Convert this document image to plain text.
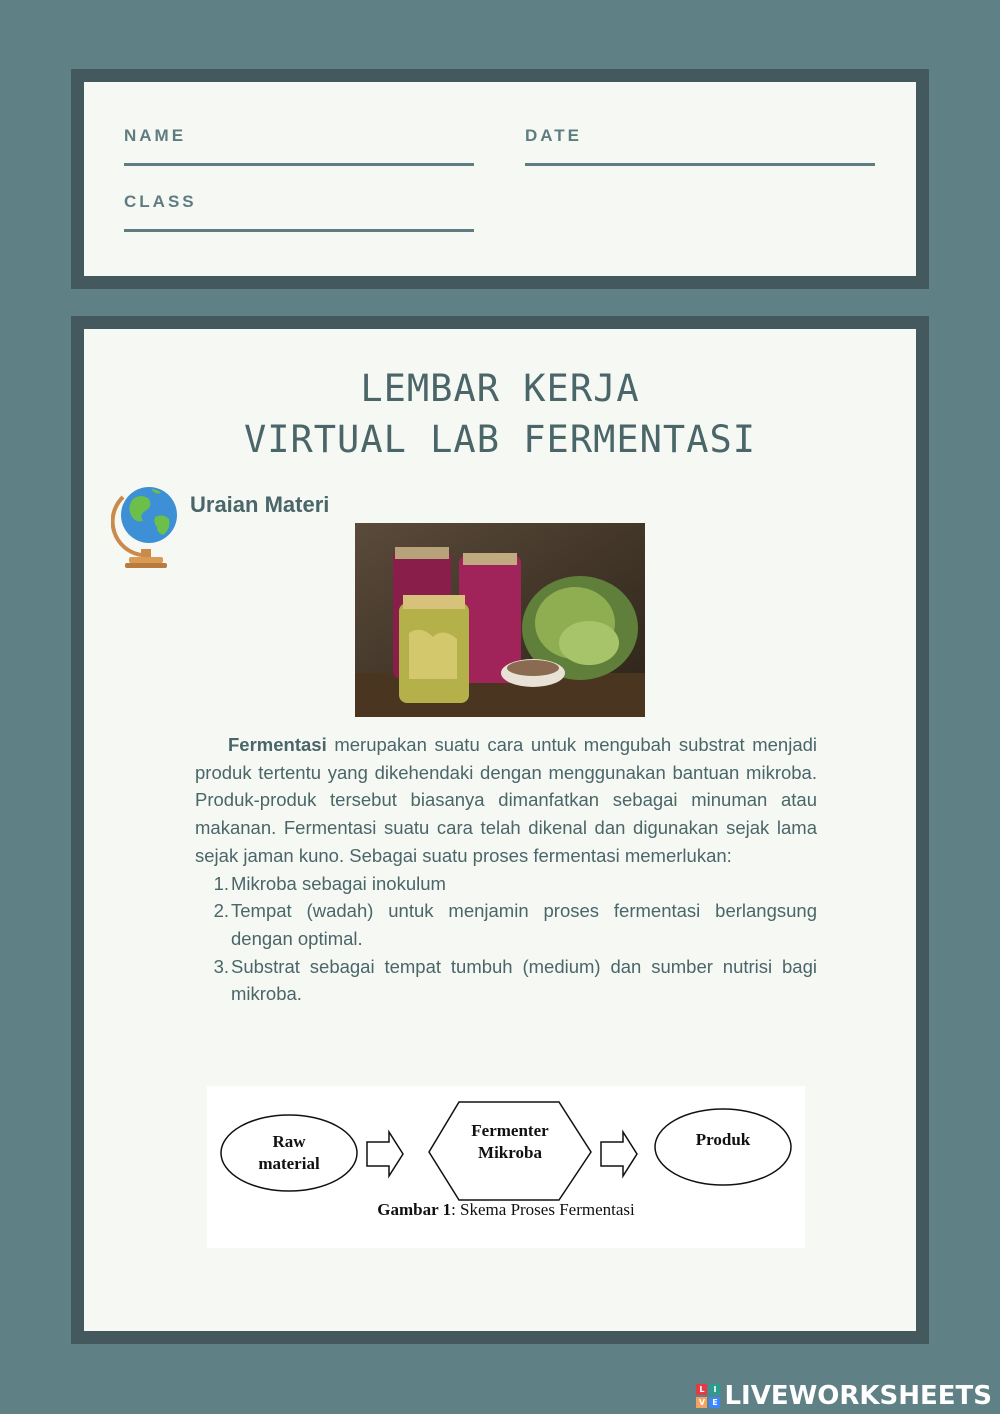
NAME	DATE
CLASS
LEMBAR KERJA
VIRTUAL LAB FERMENTASI
Uraian Materi
Fermentasi merupakan suatu cara untuk mengubah substrat menjadi produk tertentu yang dikehendaki dengan menggunakan bantuan mikroba. Produk-produk tersebut biasanya dimanfatkan sebagai minuman atau makanan. Fermentasi suatu cara telah dikenal dan digunakan sejak lama sejak jaman kuno. Sebagai suatu proses fermentasi memerlukan:
1. Mikroba sebagai inokulum
2. Tempat (wadah) untuk menjamin proses fermentasi berlangsung dengan optimal.
3. Substrat sebagai tempat tumbuh (medium) dan sumber nutrisi bagi mikroba.
Raw
material
Fermenter
Mikroba
Produk
Gambar 1: Skema Proses Fermentasi
L	I
V E LIVEWORKSHEETS
